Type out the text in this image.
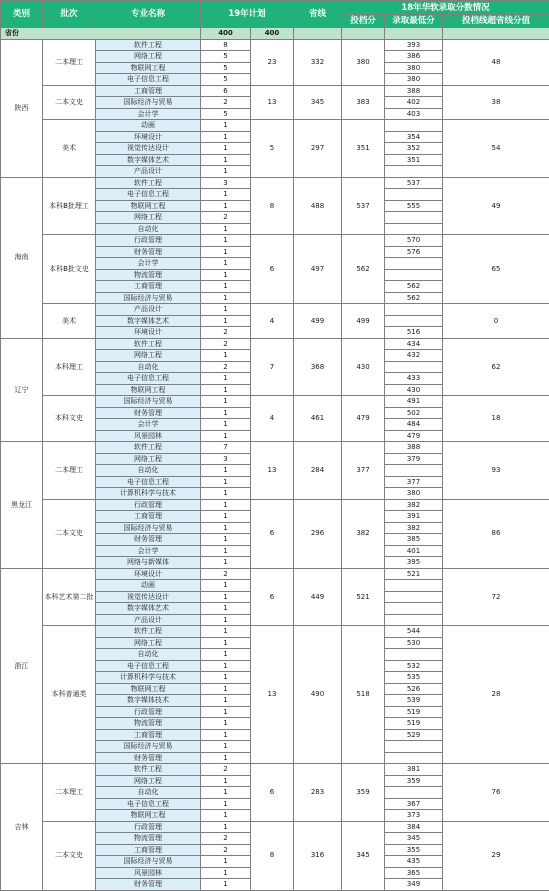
类别	批次	专业名称	19年计划		省线	18年华软录取分数情况		
						投档分	录取最低分	投档线超省线分值
省份			400	400				
陕西	二本理工	软件工程	8	23	332	380	393	48
		网络工程	5				386	
		物联网工程	5				380	
		电子信息工程	5				380	
	二本文史	工商管理	6	13	345	383	388	38
		国际经济与贸易	2				402	
		会计学	5				403	
	美术	动画	1	5	297	351		54
		环境设计	1				354	
		视觉传达设计	1				352	
		数字媒体艺术	1				351	
		产品设计	1					
海南	本科B批理工	软件工程	3	8	488	537	537	49
		电子信息工程	1					
		物联网工程	1				555	
		网络工程	2					
		自动化	1					
	本科B批文史	行政管理	1	6	497	562	570	65
		财务管理	1				576	
		会计学	1					
		物流管理	1					
		工商管理	1				562	
		国际经济与贸易	1				562	
	美术	产品设计	1	4	499	499		0
		数字媒体艺术	1					
		环境设计	2				516	
辽宁	本科理工	软件工程	2	7	368	430	434	62
		网络工程	1				432	
		自动化	2					
		电子信息工程	1				433	
		物联网工程	1				430	
	本科文史	国际经济与贸易	1	4	461	479	491	18
		财务管理	1				502	
		会计学	1				484	
		风景园林	1				479	
黑龙江	二本理工	软件工程	7	13	284	377	388	93
		网络工程	3				379	
		自动化	1					
		电子信息工程	1				377	
		计算机科学与技术	1				380	
	二本文史	行政管理	1	6	296	382	382	86
		工商管理	1				391	
		国际经济与贸易	1				382	
		财务管理	1				385	
		会计学	1				401	
		网络与新媒体	1				395	
浙江	本科艺术第二批	环境设计	2	6	449	521	521	72
		动画	1					
		视觉传达设计	1					
		数字媒体艺术	1					
		产品设计	1					
	本科普通类	软件工程	1	13	490	518	544	28
		网络工程	1				530	
		自动化	1					
		电子信息工程	1				532	
		计算机科学与技术	1				535	
		物联网工程	1				526	
		数字媒体技术	1				539	
		行政管理	1				519	
		物流管理	1				519	
		工商管理	1				529	
		国际经济与贸易	1					
		财务管理	1					
吉林	二本理工	软件工程	2	6	283	359	381	76
		网络工程	1				359	
		自动化	1					
		电子信息工程	1				367	
		物联网工程	1				373	
	二本文史	行政管理	1	8	316	345	384	29
		物流管理	2				345	
		工商管理	2				355	
		国际经济与贸易	1				435	
		风景园林	1				365	
		财务管理	1				349	
